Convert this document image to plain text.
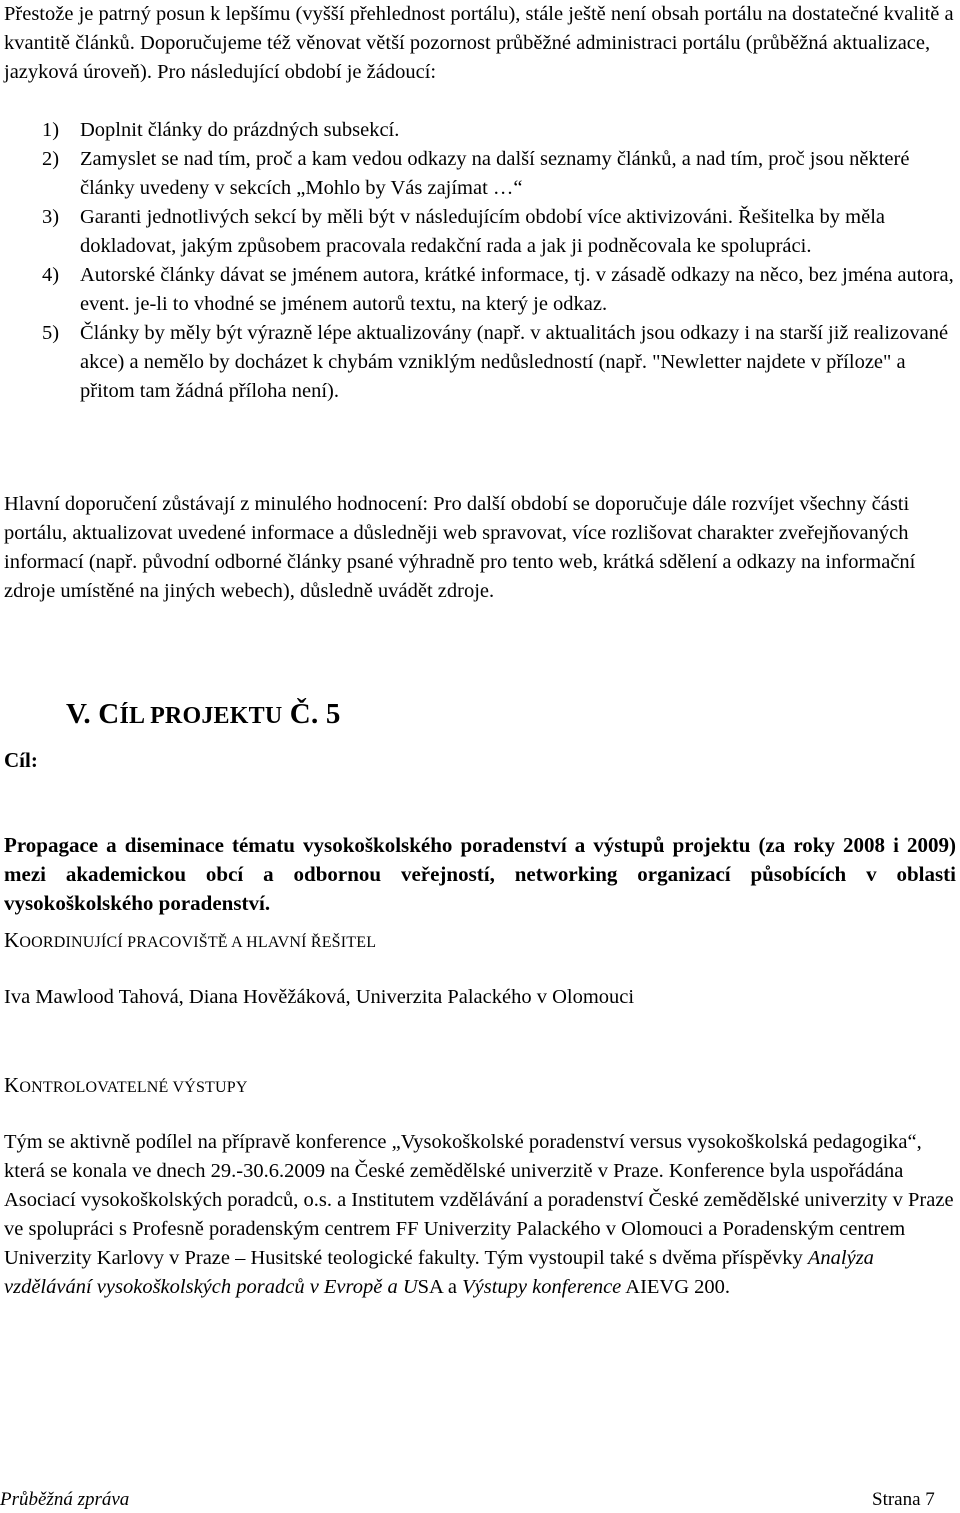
Přestože je patrný posun k lepšímu (vyšší přehlednost portálu), stále ještě není obsah portálu na dostatečné kvalitě a kvantitě článků. Doporučujeme též věnovat větší pozornost průběžné administraci portálu (průběžná aktualizace, jazyková úroveň). Pro následující období je žádoucí:

1) Doplnit články do prázdných subsekcí.
2) Zamyslet se nad tím, proč a kam vedou odkazy na další seznamy článků, a nad tím, proč jsou některé články uvedeny v sekcích „Mohlo by Vás zajímat …“
3) Garanti jednotlivých sekcí by měli být v následujícím období více aktivizováni. Řešitelka by měla dokladovat, jakým způsobem pracovala redakční rada a jak ji podněcovala ke spolupráci.
4) Autorské články dávat se jménem autora, krátké informace, tj. v zásadě odkazy na něco, bez jména autora, event. je-li to vhodné se jménem autorů textu, na který je odkaz.
5) Články by měly být výrazně lépe aktualizovány (např. v aktualitách jsou odkazy i na starší již realizované akce) a nemělo by docházet k chybám vzniklým nedůsledností (např. "Newletter najdete v příloze" a přitom tam žádná příloha není).

Hlavní doporučení zůstávají z minulého hodnocení: Pro další období se doporučuje dále rozvíjet všechny části portálu, aktualizovat uvedené informace a důsledněji web spravovat, více rozlišovat charakter zveřejňovaných informací (např. původní odborné články psané výhradně pro tento web, krátká sdělení a odkazy na informační zdroje umístěné na jiných webech), důsledně uvádět zdroje.

V. CÍL PROJEKTU Č. 5
Cíl:

Propagace a diseminace tématu vysokoškolského poradenství a výstupů projektu (za roky 2008 i 2009) mezi akademickou obcí a odbornou veřejností, networking organizací působících v oblasti vysokoškolského poradenství.

KOORDINUJÍCÍ PRACOVIŠTĚ A HLAVNÍ ŘEŠITEL

Iva Mawlood Tahová, Diana Hověžáková, Univerzita Palackého v Olomouci

KONTROLOVATELNÉ VÝSTUPY

Tým se aktivně podílel na přípravě konference „Vysokoškolské poradenství versus vysokoškolská pedagogika“, která se konala ve dnech 29.-30.6.2009 na České zemědělské univerzitě v Praze. Konference byla uspořádána Asociací vysokoškolských poradců, o.s. a Institutem vzdělávání a poradenství České zemědělské univerzity v Praze ve spolupráci s Profesně poradenským centrem FF Univerzity Palackého v Olomouci a Poradenským centrem Univerzity Karlovy v Praze – Husitské teologické fakulty. Tým vystoupil také s dvěma příspěvky Analýza vzdělávání vysokoškolských poradců v Evropě a USA a Výstupy konference AIEVG 200.

Průběžná zpráva	Strana 7
